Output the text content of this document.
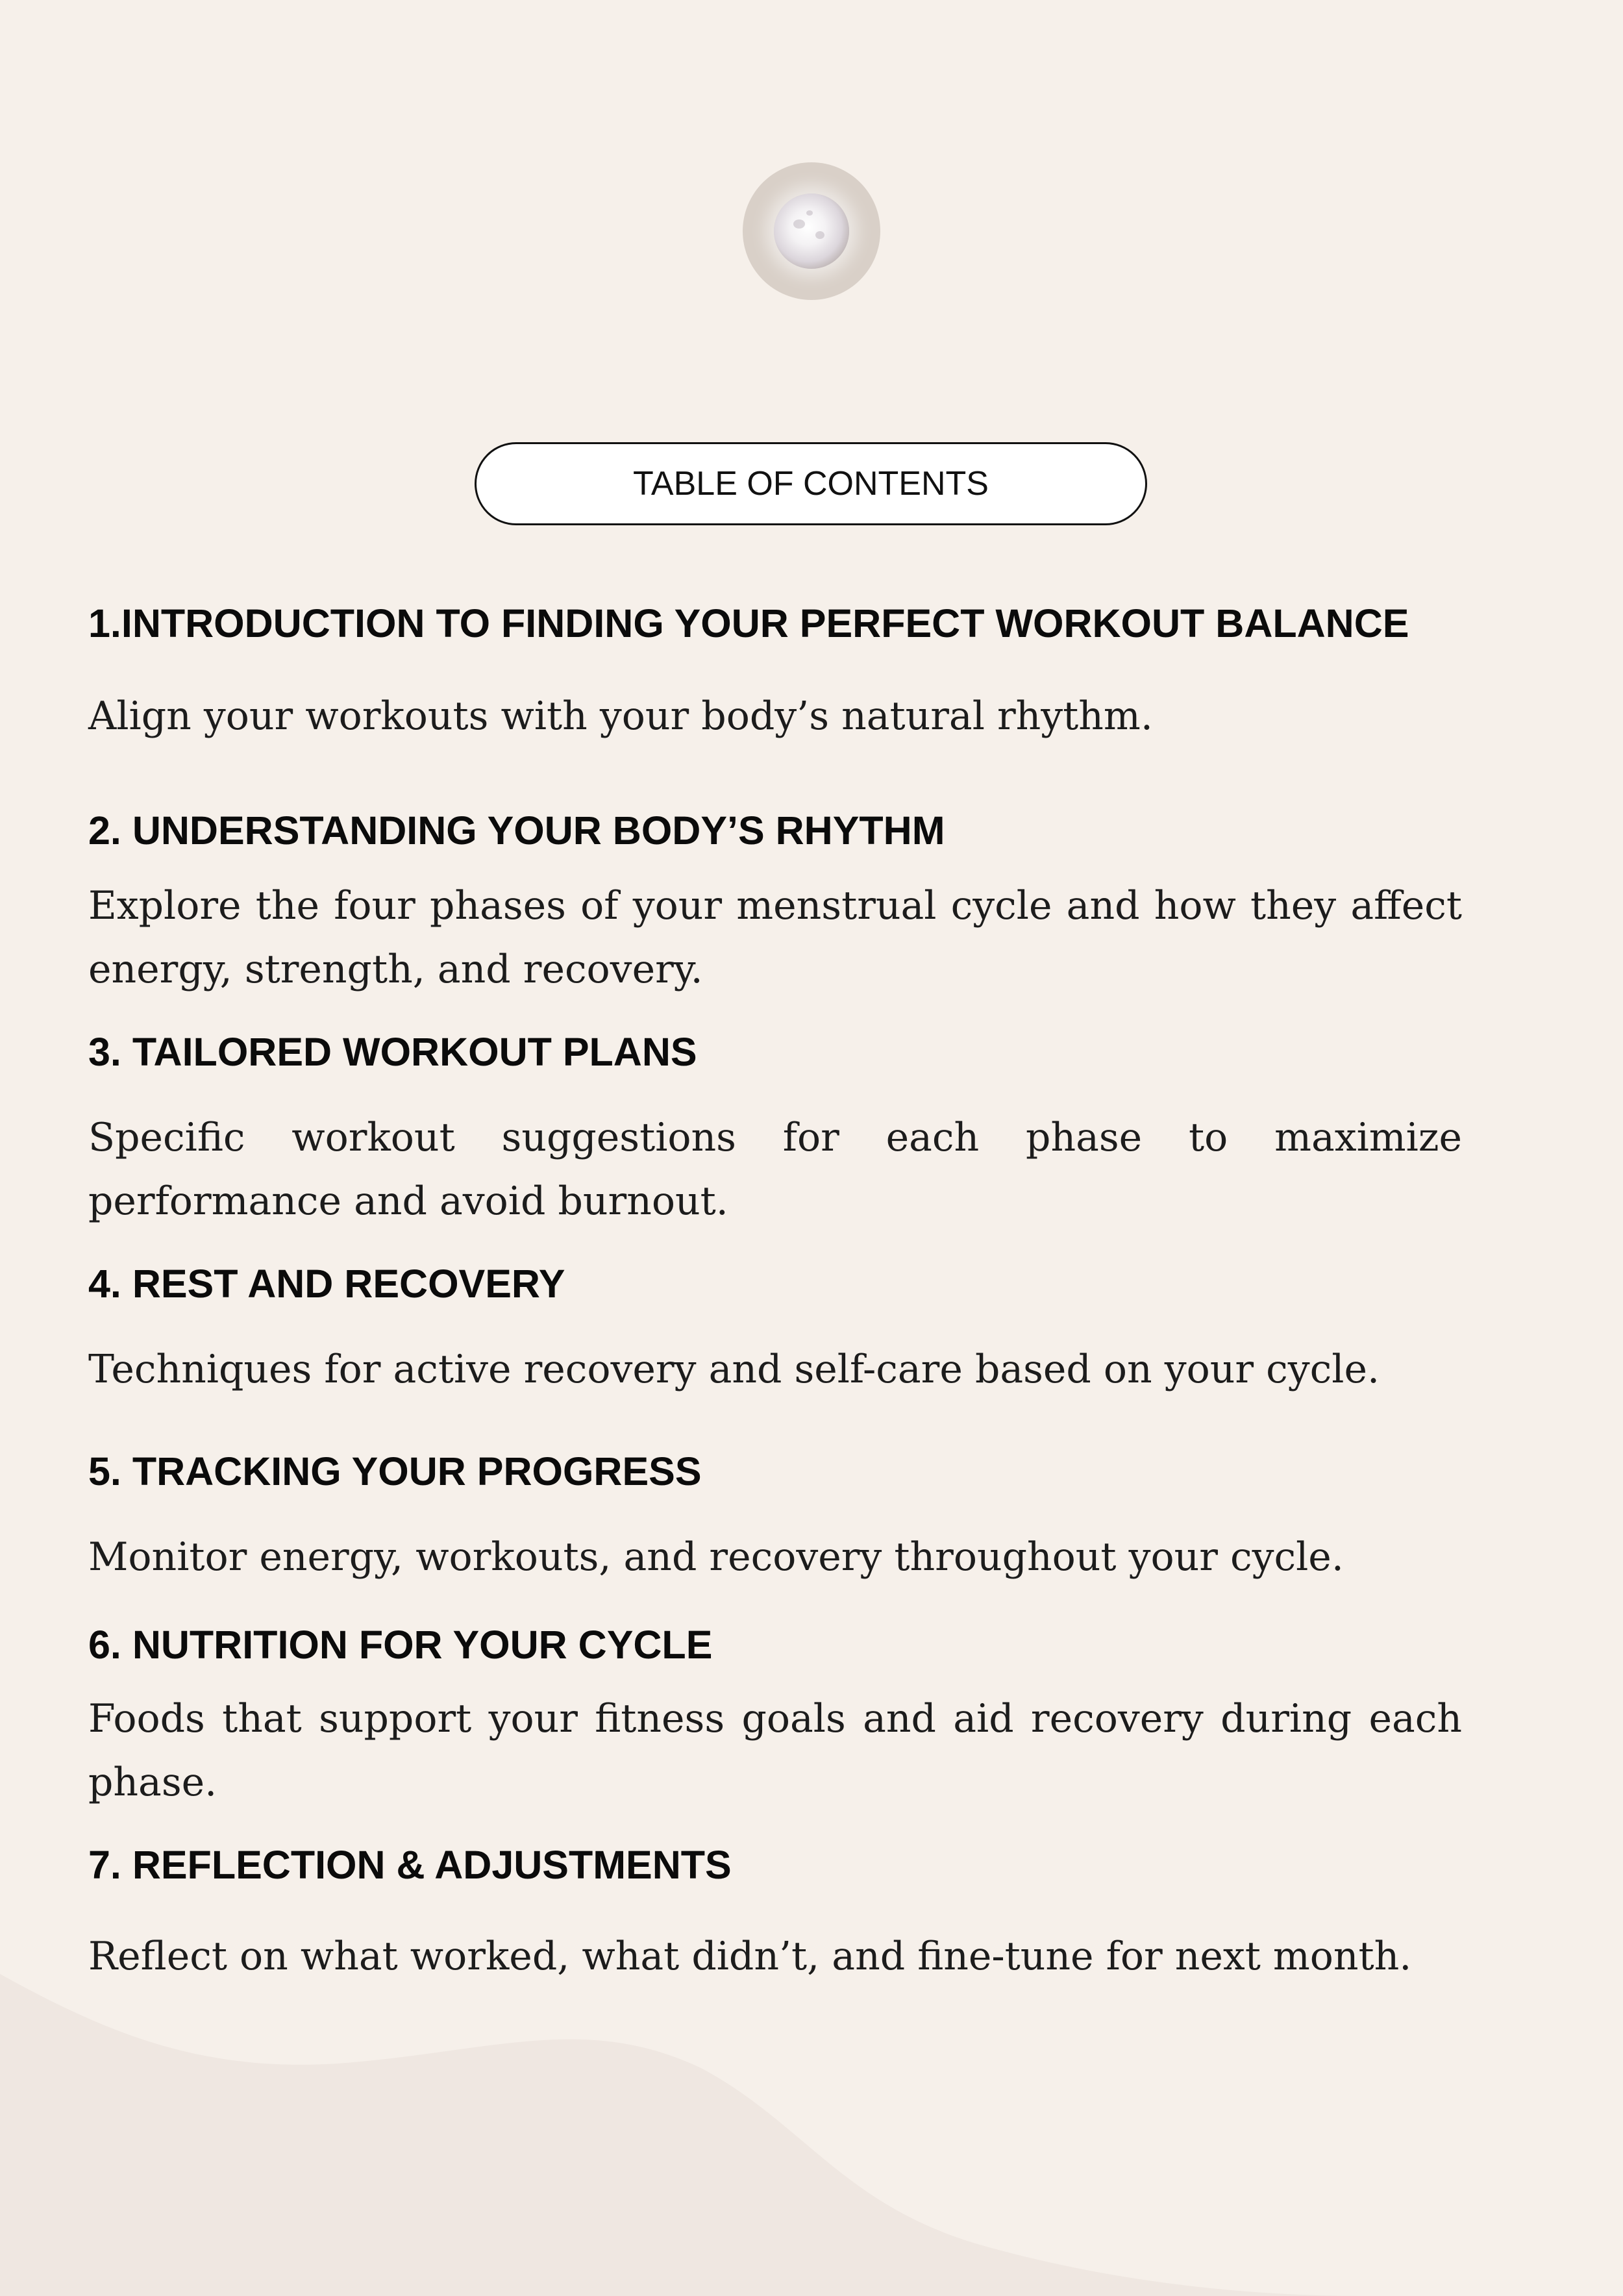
TABLE OF CONTENTS
1.INTRODUCTION TO FINDING YOUR PERFECT WORKOUT BALANCE
Align your workouts with your body’s natural rhythm.
2. UNDERSTANDING YOUR BODY’S RHYTHM
Explore the four phases of your menstrual cycle and how they affect energy, strength, and recovery.
3. TAILORED WORKOUT PLANS
Specific workout suggestions for each phase to maximize performance and avoid burnout.
4. REST AND RECOVERY
Techniques for active recovery and self-care based on your cycle.
5. TRACKING YOUR PROGRESS
Monitor energy, workouts, and recovery throughout your cycle.
6. NUTRITION FOR YOUR CYCLE
Foods that support your fitness goals and aid recovery during each phase.
7. REFLECTION & ADJUSTMENTS
Reflect on what worked, what didn’t, and fine-tune for next month.
